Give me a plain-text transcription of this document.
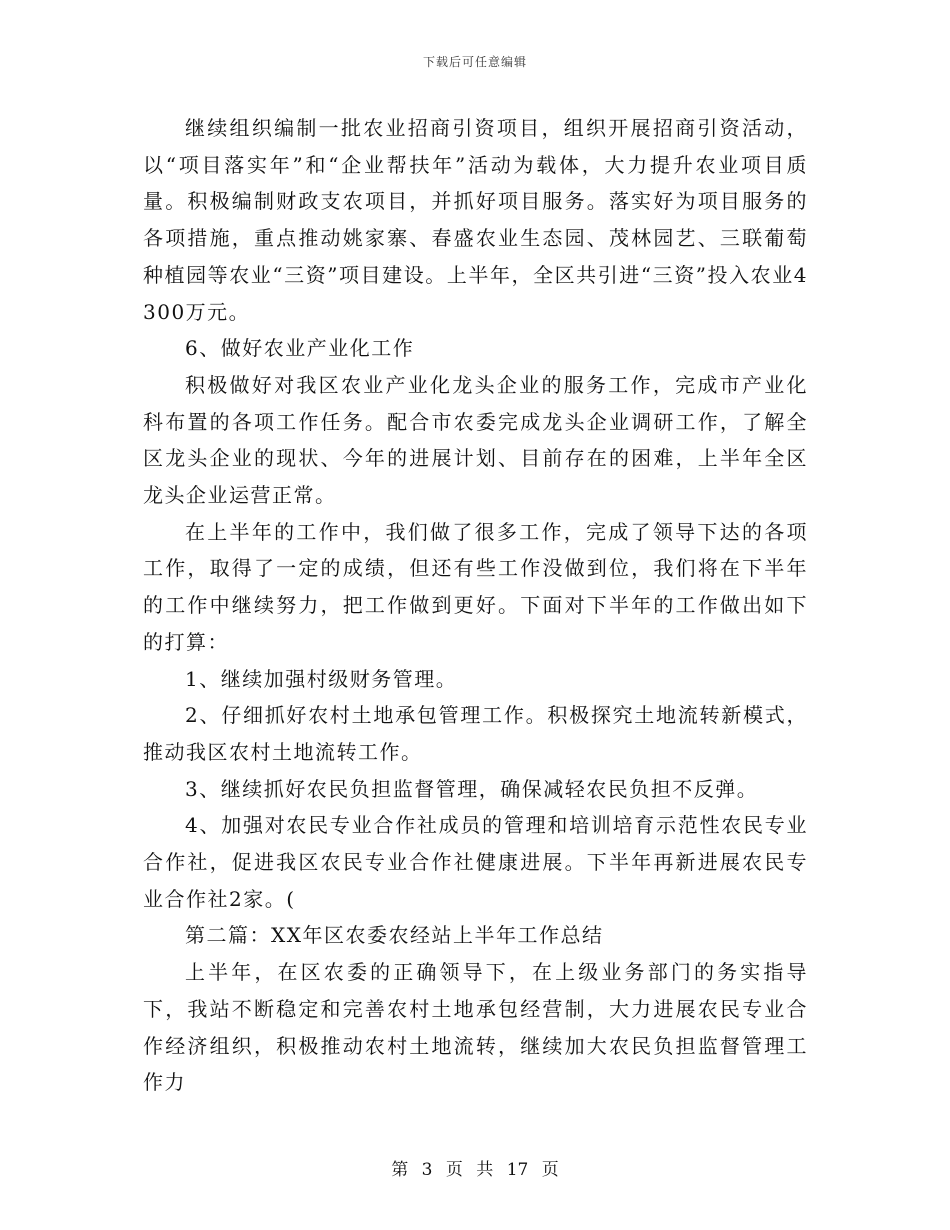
下载后可任意编辑

继续组织编制一批农业招商引资项目，组织开展招商引资活动，以“项目落实年”和“企业帮扶年”活动为载体，大力提升农业项目质量。积极编制财政支农项目，并抓好项目服务。落实好为项目服务的各项措施，重点推动姚家寨、春盛农业生态园、茂林园艺、三联葡萄种植园等农业“三资”项目建设。上半年，全区共引进“三资”投入农业4300万元。

6、做好农业产业化工作

积极做好对我区农业产业化龙头企业的服务工作，完成市产业化科布置的各项工作任务。配合市农委完成龙头企业调研工作，了解全区龙头企业的现状、今年的进展计划、目前存在的困难，上半年全区龙头企业运营正常。

在上半年的工作中，我们做了很多工作，完成了领导下达的各项工作，取得了一定的成绩，但还有些工作没做到位，我们将在下半年的工作中继续努力，把工作做到更好。下面对下半年的工作做出如下的打算：

1、继续加强村级财务管理。

2、仔细抓好农村土地承包管理工作。积极探究土地流转新模式，推动我区农村土地流转工作。

3、继续抓好农民负担监督管理，确保减轻农民负担不反弹。

4、加强对农民专业合作社成员的管理和培训培育示范性农民专业合作社，促进我区农民专业合作社健康进展。下半年再新进展农民专业合作社2家。(

第二篇：XX年区农委农经站上半年工作总结

上半年，在区农委的正确领导下，在上级业务部门的务实指导下，我站不断稳定和完善农村土地承包经营制，大力进展农民专业合作经济组织，积极推动农村土地流转，继续加大农民负担监督管理工作力

第 3 页 共 17 页
